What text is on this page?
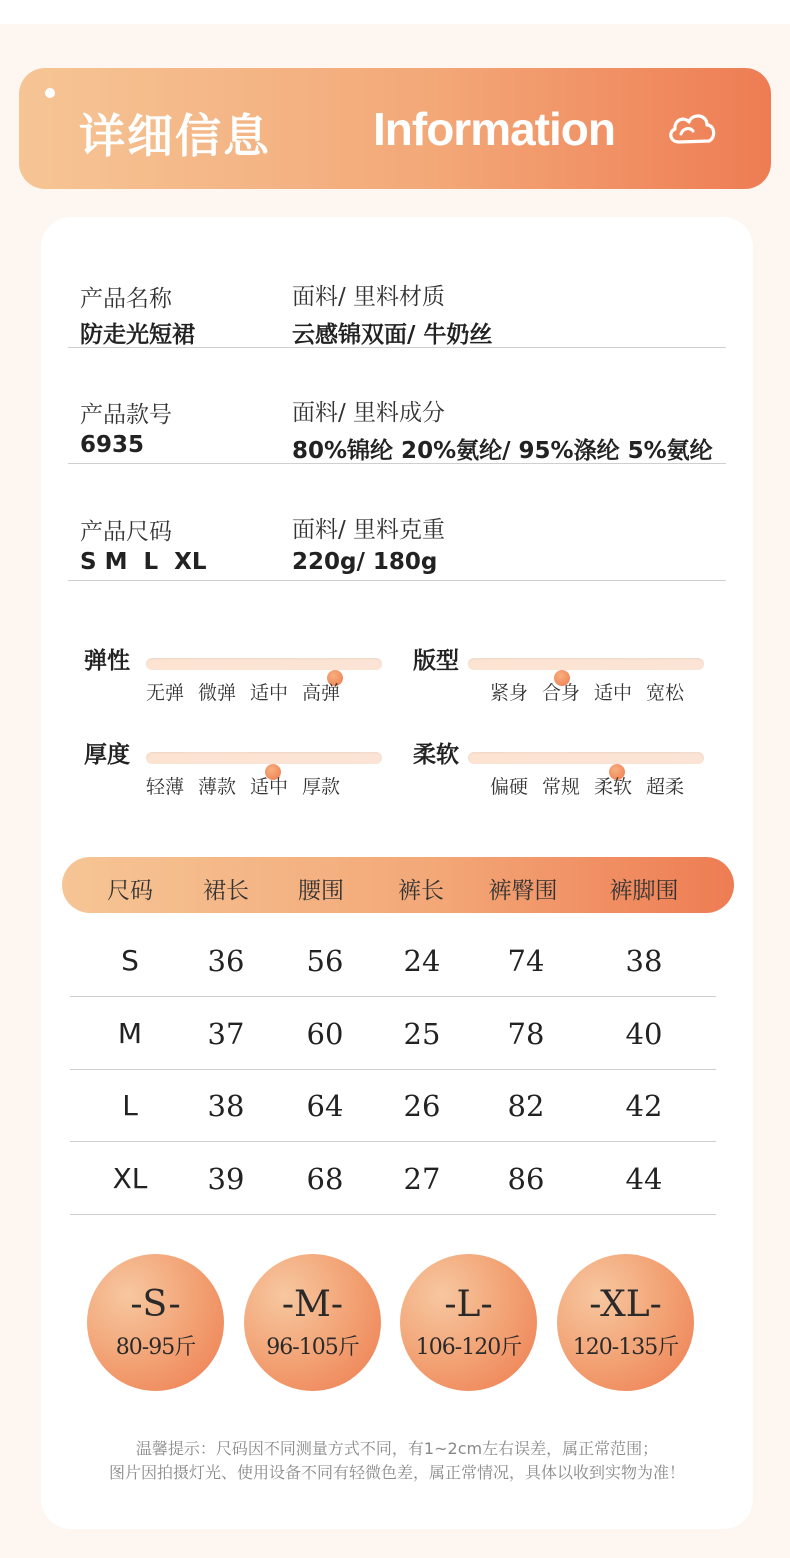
详细信息 Information
产品名称
防走光短裙
面料/ 里料材质
云感锦双面/ 牛奶丝
产品款号
6935
面料/ 里料成分
80%锦纶 20%氨纶/ 95%涤纶 5%氨纶
产品尺码
S M  L  XL
面料/ 里料克重
220g/ 180g
弹性
无弹 微弹 适中 高弹
版型
紧身 合身 适中 宽松
厚度
轻薄 薄款 适中 厚款
柔软
偏硬 常规 柔软 超柔
尺码 裙长 腰围 裤长 裤臀围 裤脚围
S 36 56 24 74	38
M 37 60 25 78	40
L 38 64 26 82	42
XL 39 68 27 86	44
-S-
80-95斤
-M-
96-105斤
-L-
106-120斤
-XL-
120-135斤
温馨提示：尺码因不同测量方式不同，有1~2cm左右误差，属正常范围；
图片因拍摄灯光、使用设备不同有轻微色差，属正常情况，具体以收到实物为准！
